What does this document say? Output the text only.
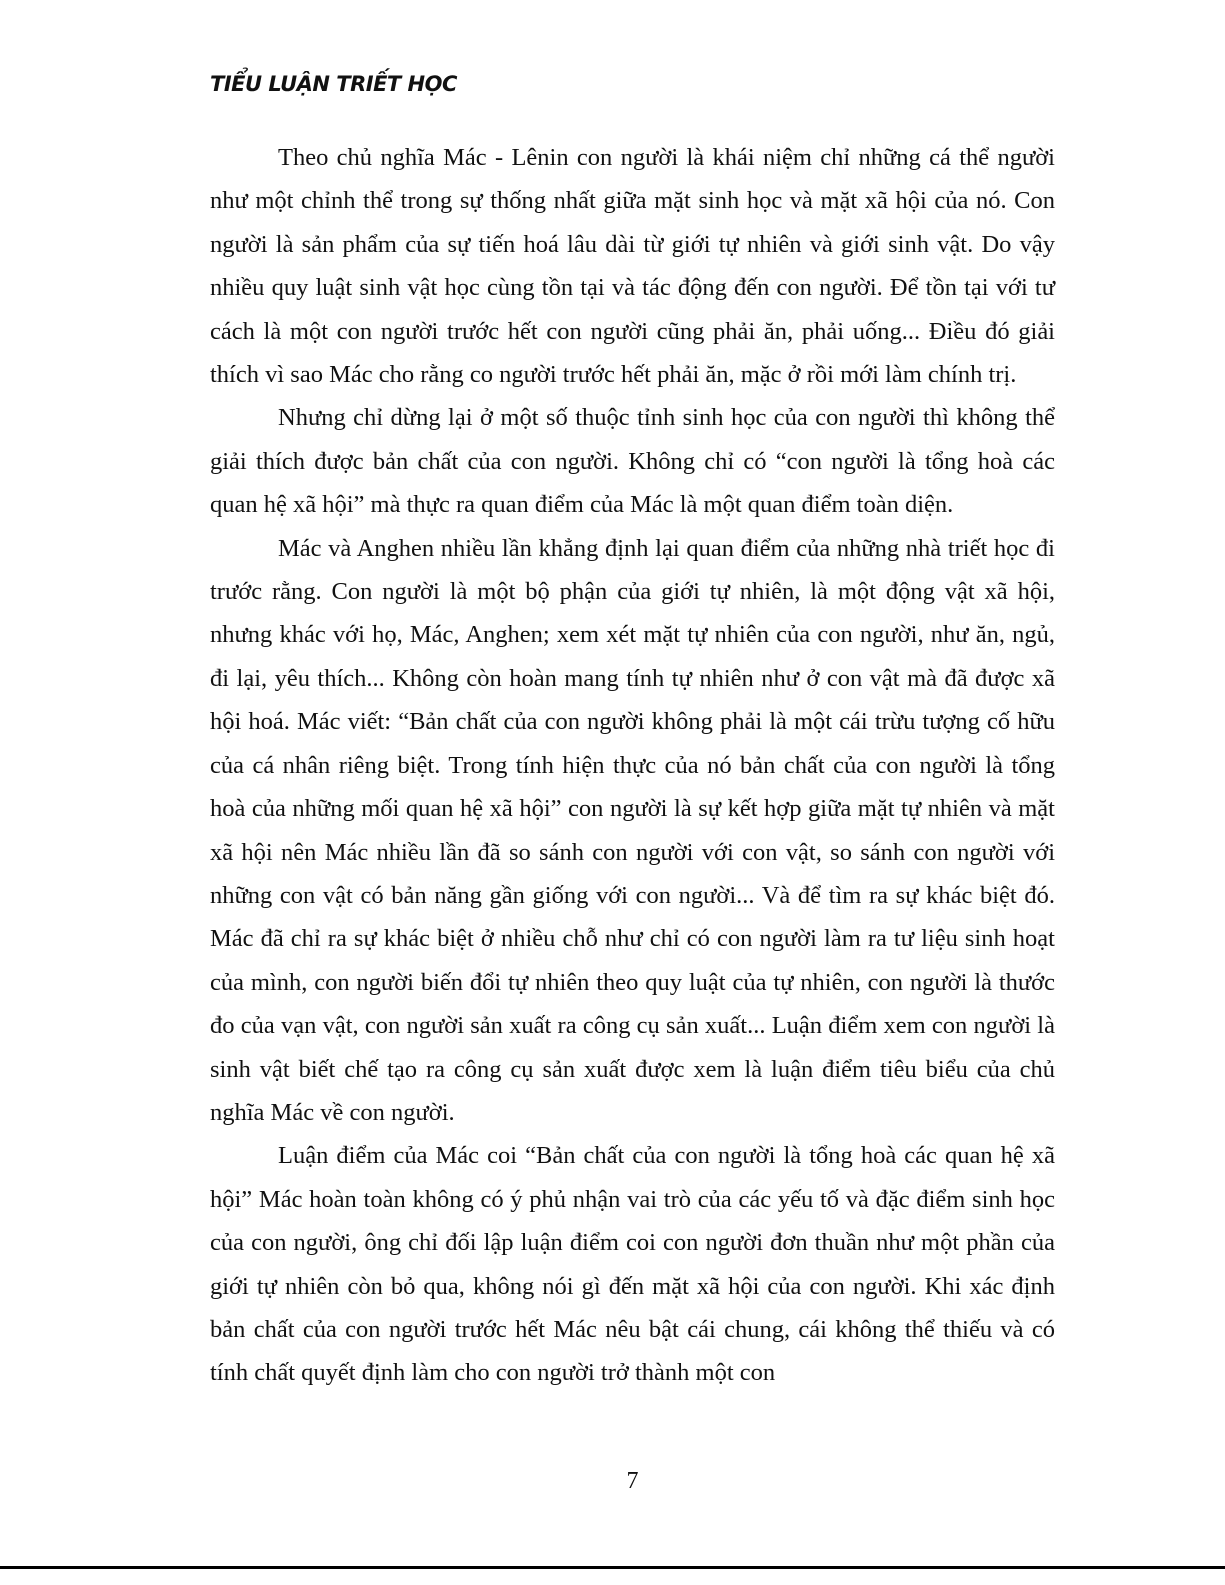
TIỂU LUẬN TRIẾT HỌC

Theo chủ nghĩa Mác - Lênin con người là khái niệm chỉ những cá thể người như một chỉnh thể trong sự thống nhất giữa mặt sinh học và mặt xã hội của nó. Con người là sản phẩm của sự tiến hoá lâu dài từ giới tự nhiên và giới sinh vật. Do vậy nhiều quy luật sinh vật học cùng tồn tại và tác động đến con người. Để tồn tại với tư cách là một con người trước hết con người cũng phải ăn, phải uống... Điều đó giải thích vì sao Mác cho rằng co người trước hết phải ăn, mặc ở rồi mới làm chính trị.

Nhưng chỉ dừng lại ở một số thuộc tỉnh sinh học của con người thì không thể giải thích được bản chất của con người. Không chỉ có “con người là tổng hoà các quan hệ xã hội” mà thực ra quan điểm của Mác là một quan điểm toàn diện.

Mác và Anghen nhiều lần khẳng định lại quan điểm của những nhà triết học đi trước rằng. Con người là một bộ phận của giới tự nhiên, là một động vật xã hội, nhưng khác với họ, Mác, Anghen; xem xét mặt tự nhiên của con người, như ăn, ngủ, đi lại, yêu thích... Không còn hoàn mang tính tự nhiên như ở con vật mà đã được xã hội hoá. Mác viết: “Bản chất của con người không phải là một cái trừu tượng cố hữu của cá nhân riêng biệt. Trong tính hiện thực của nó bản chất của con người là tổng hoà của những mối quan hệ xã hội” con người là sự kết hợp giữa mặt tự nhiên và mặt xã hội nên Mác nhiều lần đã so sánh con người với con vật, so sánh con người với những con vật có bản năng gần giống với con người... Và để tìm ra sự khác biệt đó. Mác đã chỉ ra sự khác biệt ở nhiều chỗ như chỉ có con người làm ra tư liệu sinh hoạt của mình, con người biến đổi tự nhiên theo quy luật của tự nhiên, con người là thước đo của vạn vật, con người sản xuất ra công cụ sản xuất... Luận điểm xem con người là sinh vật biết chế tạo ra công cụ sản xuất được xem là luận điểm tiêu biểu của chủ nghĩa Mác về con người.

Luận điểm của Mác coi “Bản chất của con người là tổng hoà các quan hệ xã hội” Mác hoàn toàn không có ý phủ nhận vai trò của các yếu tố và đặc điểm sinh học của con người, ông chỉ đối lập luận điểm coi con người đơn thuần như một phần của giới tự nhiên còn bỏ qua, không nói gì đến mặt xã hội của con người. Khi xác định bản chất của con người trước hết Mác nêu bật cái chung, cái không thể thiếu và có tính chất quyết định làm cho con người trở thành một con

7
